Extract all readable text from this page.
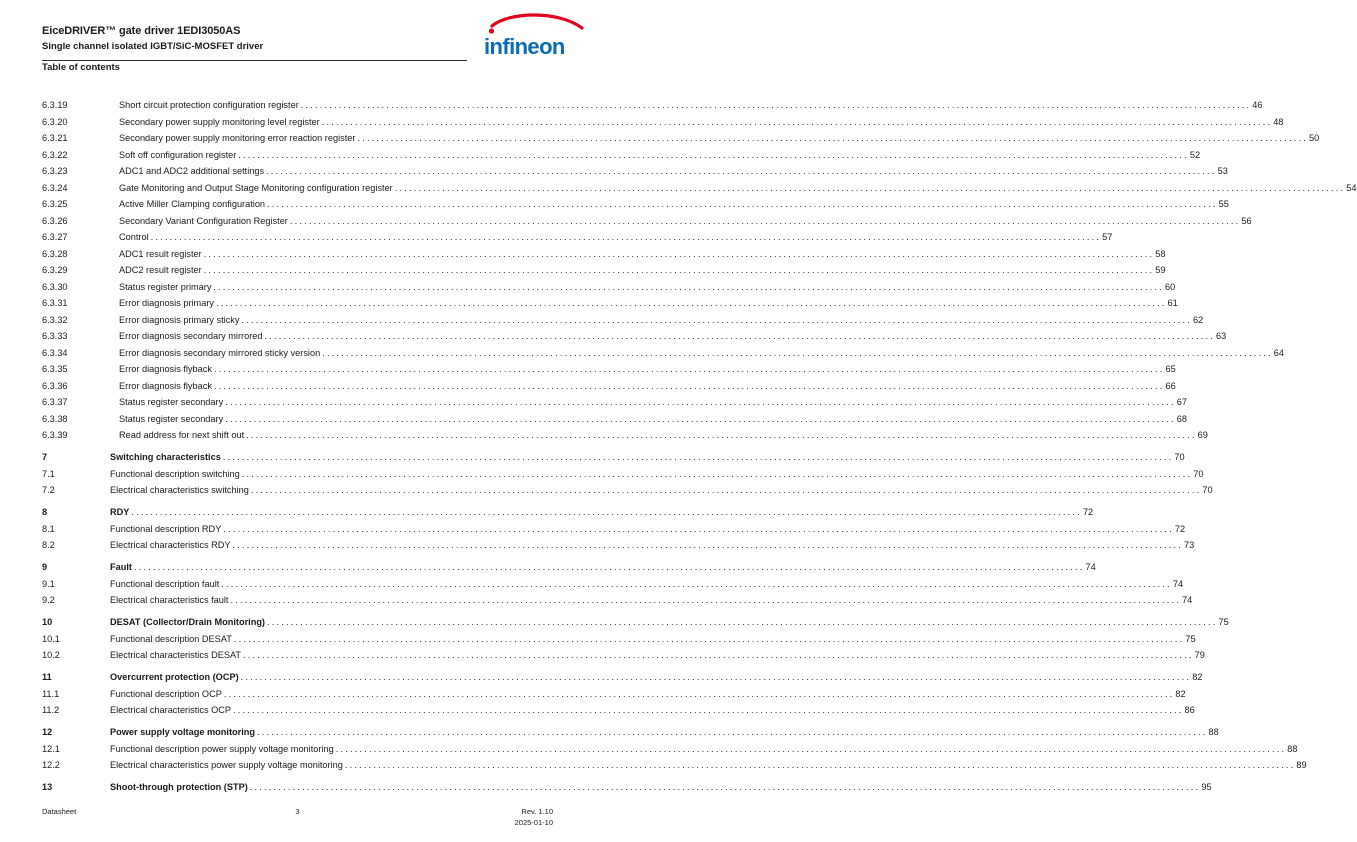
EiceDRIVER™ gate driver 1EDI3050AS
Single channel isolated IGBT/SiC-MOSFET driver
Table of contents
infineon
6.3.19	Short circuit protection configuration register ........................................................................................................................................................................................................ 46
6.3.20	Secondary power supply monitoring level register ........................................................................................................................................................................................................ 48
6.3.21	Secondary power supply monitoring error reaction register ........................................................................................................................................................................................................ 50
6.3.22	Soft off configuration register ........................................................................................................................................................................................................ 52
6.3.23	ADC1 and ADC2 additional settings ........................................................................................................................................................................................................ 53
6.3.24	Gate Monitoring and Output Stage Monitoring configuration register ........................................................................................................................................................................................................ 54
6.3.25	Active Miller Clamping configuration ........................................................................................................................................................................................................ 55
6.3.26	Secondary Variant Configuration Register ........................................................................................................................................................................................................ 56
6.3.27	Control ........................................................................................................................................................................................................ 57
6.3.28	ADC1 result register ........................................................................................................................................................................................................ 58
6.3.29	ADC2 result register ........................................................................................................................................................................................................ 59
6.3.30	Status register primary ........................................................................................................................................................................................................ 60
6.3.31	Error diagnosis primary ........................................................................................................................................................................................................ 61
6.3.32	Error diagnosis primary sticky ........................................................................................................................................................................................................ 62
6.3.33	Error diagnosis secondary mirrored ........................................................................................................................................................................................................ 63
6.3.34	Error diagnosis secondary mirrored sticky version ........................................................................................................................................................................................................ 64
6.3.35	Error diagnosis flyback ........................................................................................................................................................................................................ 65
6.3.36	Error diagnosis flyback ........................................................................................................................................................................................................ 66
6.3.37	Status register secondary ........................................................................................................................................................................................................ 67
6.3.38	Status register secondary ........................................................................................................................................................................................................ 68
6.3.39	Read address for next shift out ........................................................................................................................................................................................................ 69
7	Switching characteristics ........................................................................................................................................................................................................ 70
7.1	Functional description switching ........................................................................................................................................................................................................ 70
7.2	Electrical characteristics switching ........................................................................................................................................................................................................ 70
8	RDY ........................................................................................................................................................................................................ 72
8.1	Functional description RDY ........................................................................................................................................................................................................ 72
8.2	Electrical characteristics RDY ........................................................................................................................................................................................................ 73
9	Fault ........................................................................................................................................................................................................ 74
9.1	Functional description fault ........................................................................................................................................................................................................ 74
9.2	Electrical characteristics fault ........................................................................................................................................................................................................ 74
10	DESAT (Collector/Drain Monitoring) ........................................................................................................................................................................................................ 75
10.1	Functional description DESAT ........................................................................................................................................................................................................ 75
10.2	Electrical characteristics DESAT ........................................................................................................................................................................................................ 79
11	Overcurrent protection (OCP) ........................................................................................................................................................................................................ 82
11.1	Functional description OCP ........................................................................................................................................................................................................ 82
11.2	Electrical characteristics OCP ........................................................................................................................................................................................................ 86
12	Power supply voltage monitoring ........................................................................................................................................................................................................ 88
12.1	Functional description power supply voltage monitoring ........................................................................................................................................................................................................ 88
12.2	Electrical characteristics power supply voltage monitoring ........................................................................................................................................................................................................ 89
13	Shoot-through protection (STP) ........................................................................................................................................................................................................ 95
Datasheet	3	Rev. 1.10
2025-01-10
